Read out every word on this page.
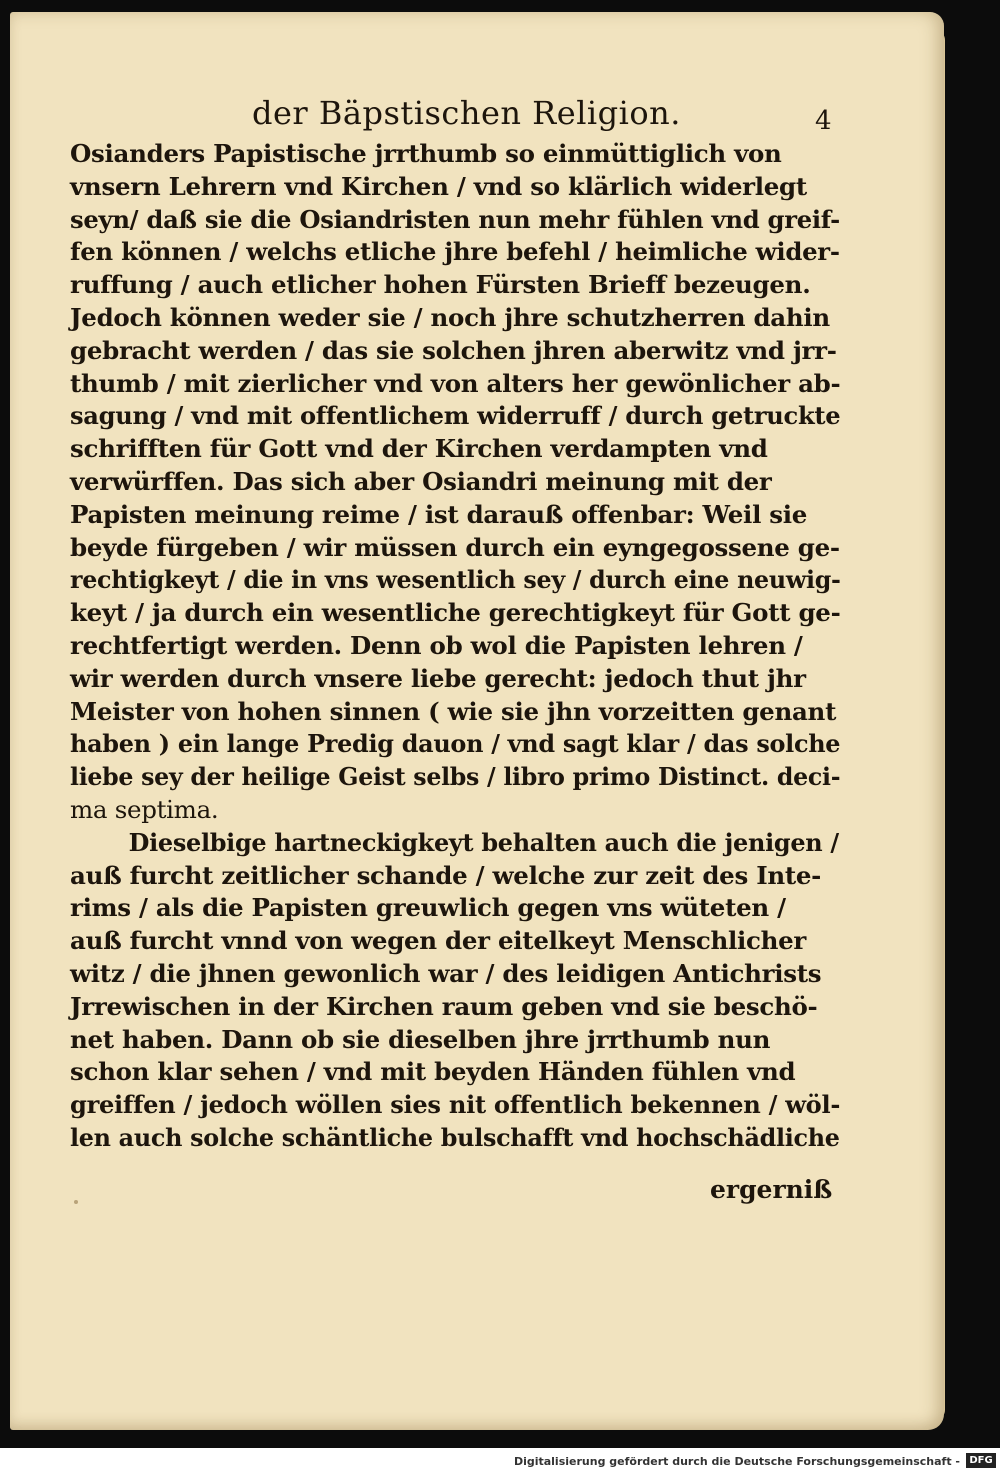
der Bäpstischen Religion.	4
Osianders Papistische jrrthumb so einmüttiglich von
vnsern Lehrern vnd Kirchen / vnd so klärlich widerlegt
seyn/ daß sie die Osiandristen nun mehr fühlen vnd greif-
fen können / welchs etliche jhre befehl / heimliche wider-
ruffung / auch etlicher hohen Fürsten Brieff bezeugen.
Jedoch können weder sie / noch jhre schutzherren dahin
gebracht werden / das sie solchen jhren aberwitz vnd jrr-
thumb / mit zierlicher vnd von alters her gewönlicher ab-
sagung / vnd mit offentlichem widerruff / durch getruckte
schrifften für Gott vnd der Kirchen verdampten vnd
verwürffen. Das sich aber Osiandri meinung mit der
Papisten meinung reime / ist darauß offenbar: Weil sie
beyde fürgeben / wir müssen durch ein eyngegossene ge-
rechtigkeyt / die in vns wesentlich sey / durch eine neuwig-
keyt / ja durch ein wesentliche gerechtigkeyt für Gott ge-
rechtfertigt werden. Denn ob wol die Papisten lehren /
wir werden durch vnsere liebe gerecht: jedoch thut jhr
Meister von hohen sinnen ( wie sie jhn vorzeitten genant
haben ) ein lange Predig dauon / vnd sagt klar / das solche
liebe sey der heilige Geist selbs / libro primo Distinct. deci-
ma septima.
Dieselbige hartneckigkeyt behalten auch die jenigen /
auß furcht zeitlicher schande / welche zur zeit des Inte-
rims / als die Papisten greuwlich gegen vns wüteten /
auß furcht vnnd von wegen der eitelkeyt Menschlicher
witz / die jhnen gewonlich war / des leidigen Antichrists
Jrrewischen in der Kirchen raum geben vnd sie beschö-
net haben. Dann ob sie dieselben jhre jrrthumb nun
schon klar sehen / vnd mit beyden Händen fühlen vnd
greiffen / jedoch wöllen sies nit offentlich bekennen / wöl-
len auch solche schäntliche bulschafft vnd hochschädliche
ergerniß
Digitalisierung gefördert durch die Deutsche Forschungsgemeinschaft - DFG
